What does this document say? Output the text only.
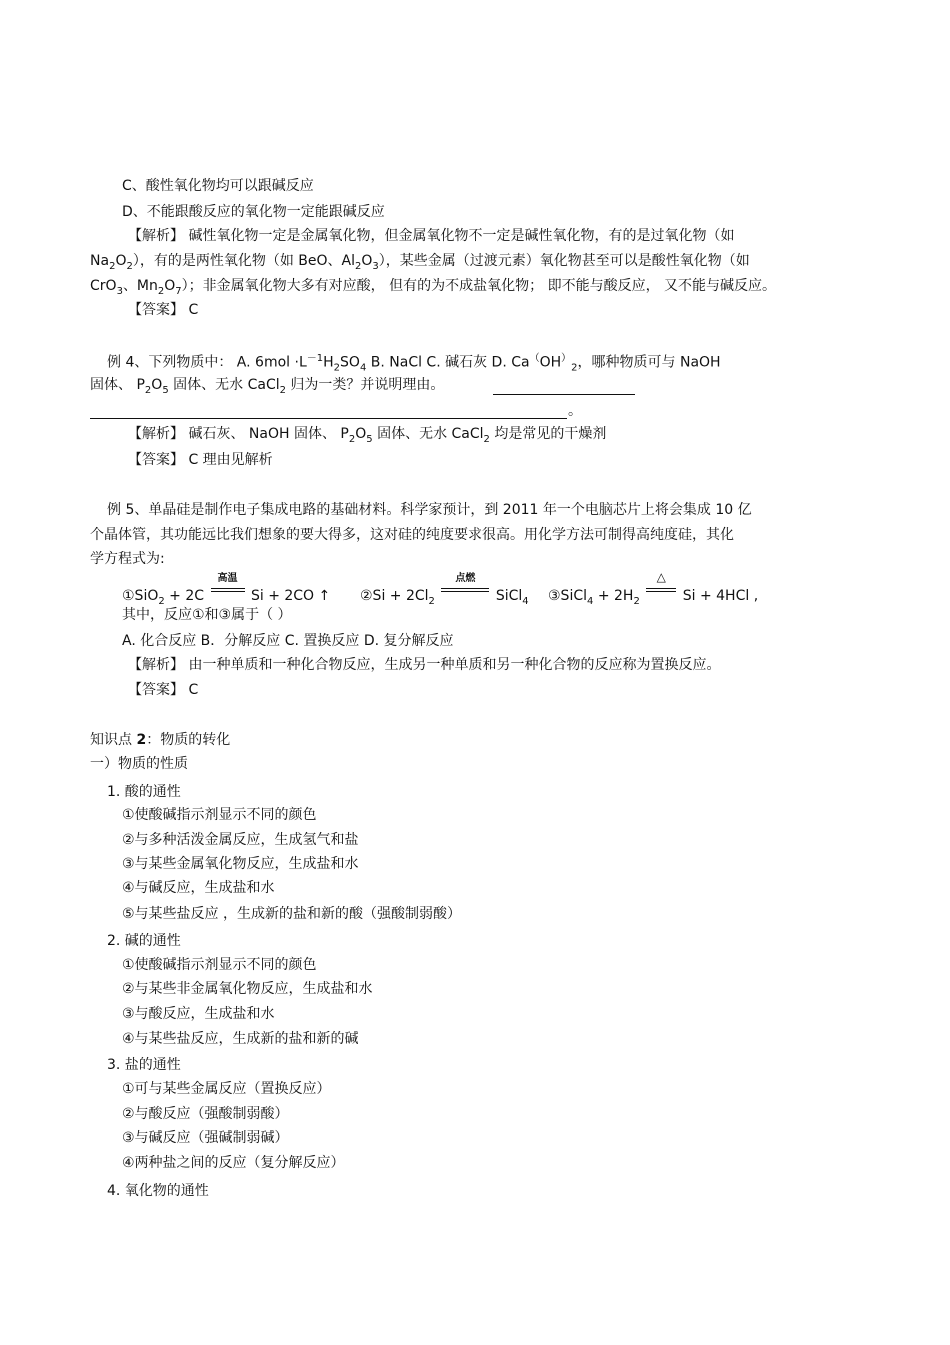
C、酸性氧化物均可以跟碱反应
D、不能跟酸反应的氧化物一定能跟碱反应
【解析】 碱性氧化物一定是金属氧化物，但金属氧化物不一定是碱性氧化物，有的是过氧化物（如
$Na_2O_2$），有的是两性氧化物（如 BeO、$Al_2O_3$），某些金属（过渡元素）氧化物甚至可以是酸性氧化物（如
CrO$_3$、$Mn_2O_7$）；非金属氧化物大多有对应酸， 但有的为不成盐氧化物； 即不能与酸反应， 又不能与碱反应。
【答案】 C
例 4、下列物质中： A. $6mol \cdot L^{-1}H_2SO_4$ B. NaCl C. 碱石灰 D. $Ca^(OH^)_2$，哪种物质可与 NaOH
固体、 $P_2O_5$ 固体、无水 CaCl$_2$ 归为一类？并说明理由。
。
【解析】 碱石灰、 NaOH 固体、 $P_2O_5$ 固体、无水 CaCl$_2$ 均是常见的干燥剂
【答案】 C 理由见解析
例 5、单晶硅是制作电子集成电路的基础材料。科学家预计，到 2011 年一个电脑芯片上将会集成 10 亿
个晶体管，其功能远比我们想象的要大得多，这对硅的纯度要求很高。用化学方法可制得高纯度硅，其化
学方程式为:
①SiO$_2$ + 2C
高温
Si + 2CO ↑ ②Si + $2Cl_2$
点燃
SiCl$_4$ ③SiCl$_4$ + $2H_2$
△
Si + 4HCl ,
其中，反应①和③属于（ ）
A. 化合反应 B．分解反应 C. 置换反应 D. 复分解反应
【解析】 由一种单质和一种化合物反应，生成另一种单质和另一种化合物的反应称为置换反应。
【答案】 C
知识点 2：物质的转化
一）物质的性质
1. 酸的通性
①使酸碱指示剂显示不同的颜色
②与多种活泼金属反应，生成氢气和盐
③与某些金属氧化物反应，生成盐和水
④与碱反应，生成盐和水
⑤与某些盐反应 ，生成新的盐和新的酸（强酸制弱酸）
2. 碱的通性
①使酸碱指示剂显示不同的颜色
②与某些非金属氧化物反应，生成盐和水
③与酸反应，生成盐和水
④与某些盐反应，生成新的盐和新的碱
3. 盐的通性
①可与某些金属反应（置换反应）
②与酸反应（强酸制弱酸）
③与碱反应（强碱制弱碱）
④两种盐之间的反应（复分解反应）
4. 氧化物的通性
